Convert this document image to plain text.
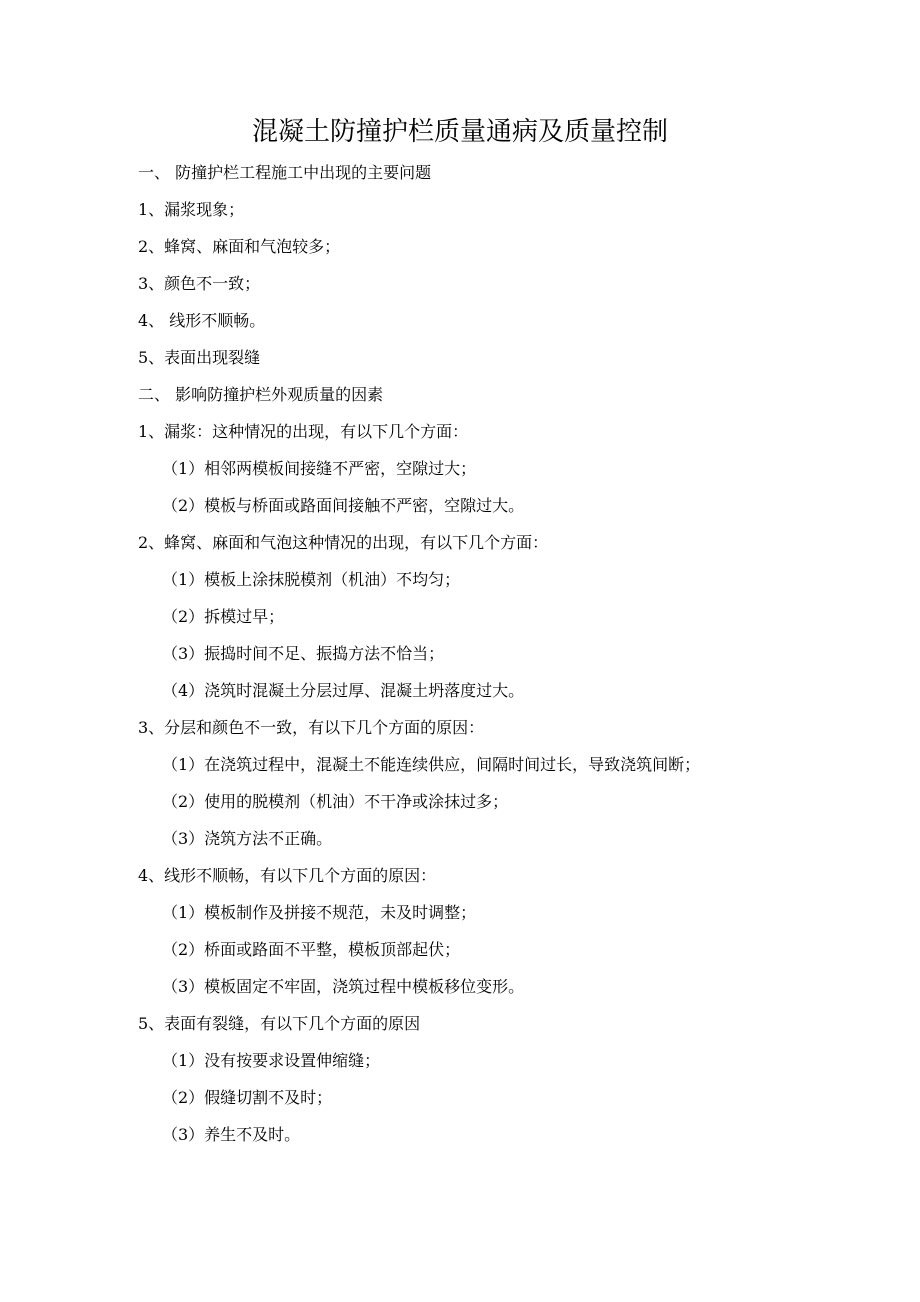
混凝土防撞护栏质量通病及质量控制
一、 防撞护栏工程施工中出现的主要问题
1、漏浆现象；
2、蜂窝、麻面和气泡较多；
3、颜色不一致；
4、 线形不顺畅。
5、表面出现裂缝
二、 影响防撞护栏外观质量的因素
1、漏浆：这种情况的出现，有以下几个方面：
（1）相邻两模板间接缝不严密，空隙过大；
（2）模板与桥面或路面间接触不严密，空隙过大。
2、蜂窝、麻面和气泡这种情况的出现，有以下几个方面：
（1）模板上涂抹脱模剂（机油）不均匀；
（2）拆模过早；
（3）振捣时间不足、振捣方法不恰当；
（4）浇筑时混凝土分层过厚、混凝土坍落度过大。
3、分层和颜色不一致，有以下几个方面的原因：
（1）在浇筑过程中，混凝土不能连续供应，间隔时间过长，导致浇筑间断；
（2）使用的脱模剂（机油）不干净或涂抹过多；
（3）浇筑方法不正确。
4、线形不顺畅，有以下几个方面的原因：
（1）模板制作及拼接不规范，未及时调整；
（2）桥面或路面不平整，模板顶部起伏；
（3）模板固定不牢固，浇筑过程中模板移位变形。
5、表面有裂缝，有以下几个方面的原因
（1）没有按要求设置伸缩缝；
（2）假缝切割不及时；
（3）养生不及时。
